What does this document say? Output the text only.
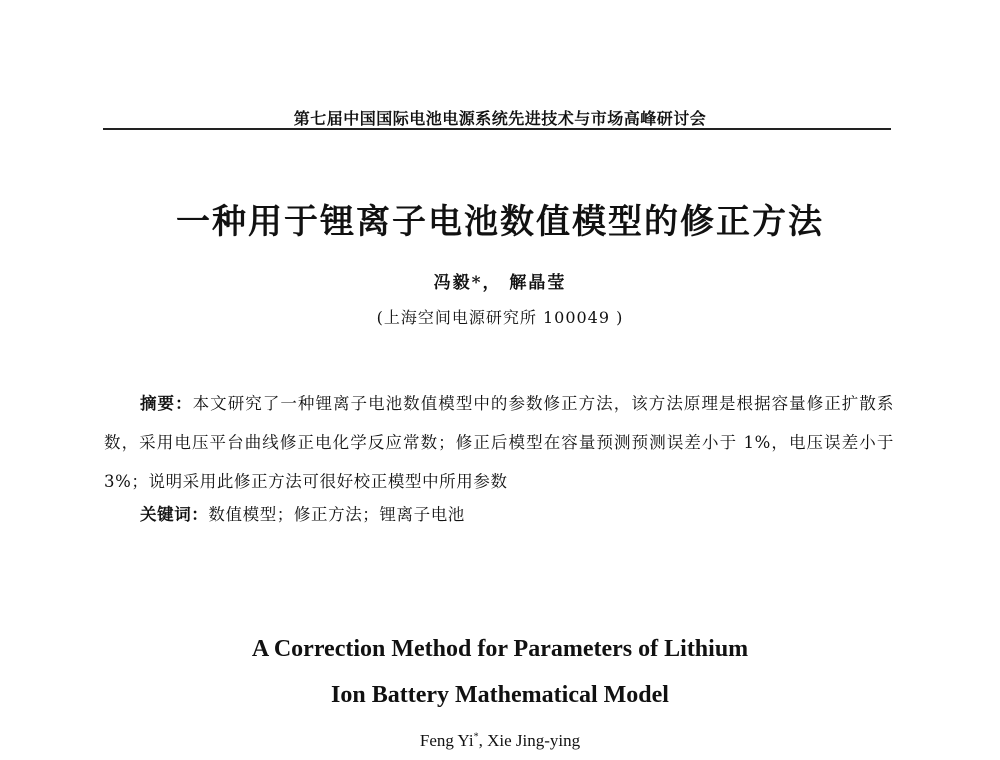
第七届中国国际电池电源系统先进技术与市场高峰研讨会
一种用于锂离子电池数值模型的修正方法
冯毅*， 解晶莹
(上海空间电源研究所 100049 )

摘要：本文研究了一种锂离子电池数值模型中的参数修正方法，该方法原理是根据容量修正扩散系数，采用电压平台曲线修正电化学反应常数；修正后模型在容量预测预测误差小于 1%，电压误差小于 3%；说明采用此修正方法可很好校正模型中所用参数

关键词：数值模型；修正方法；锂离子电池
A Correction Method for Parameters of Lithium
Ion Battery Mathematical Model
Feng Yi*, Xie Jing-ying
